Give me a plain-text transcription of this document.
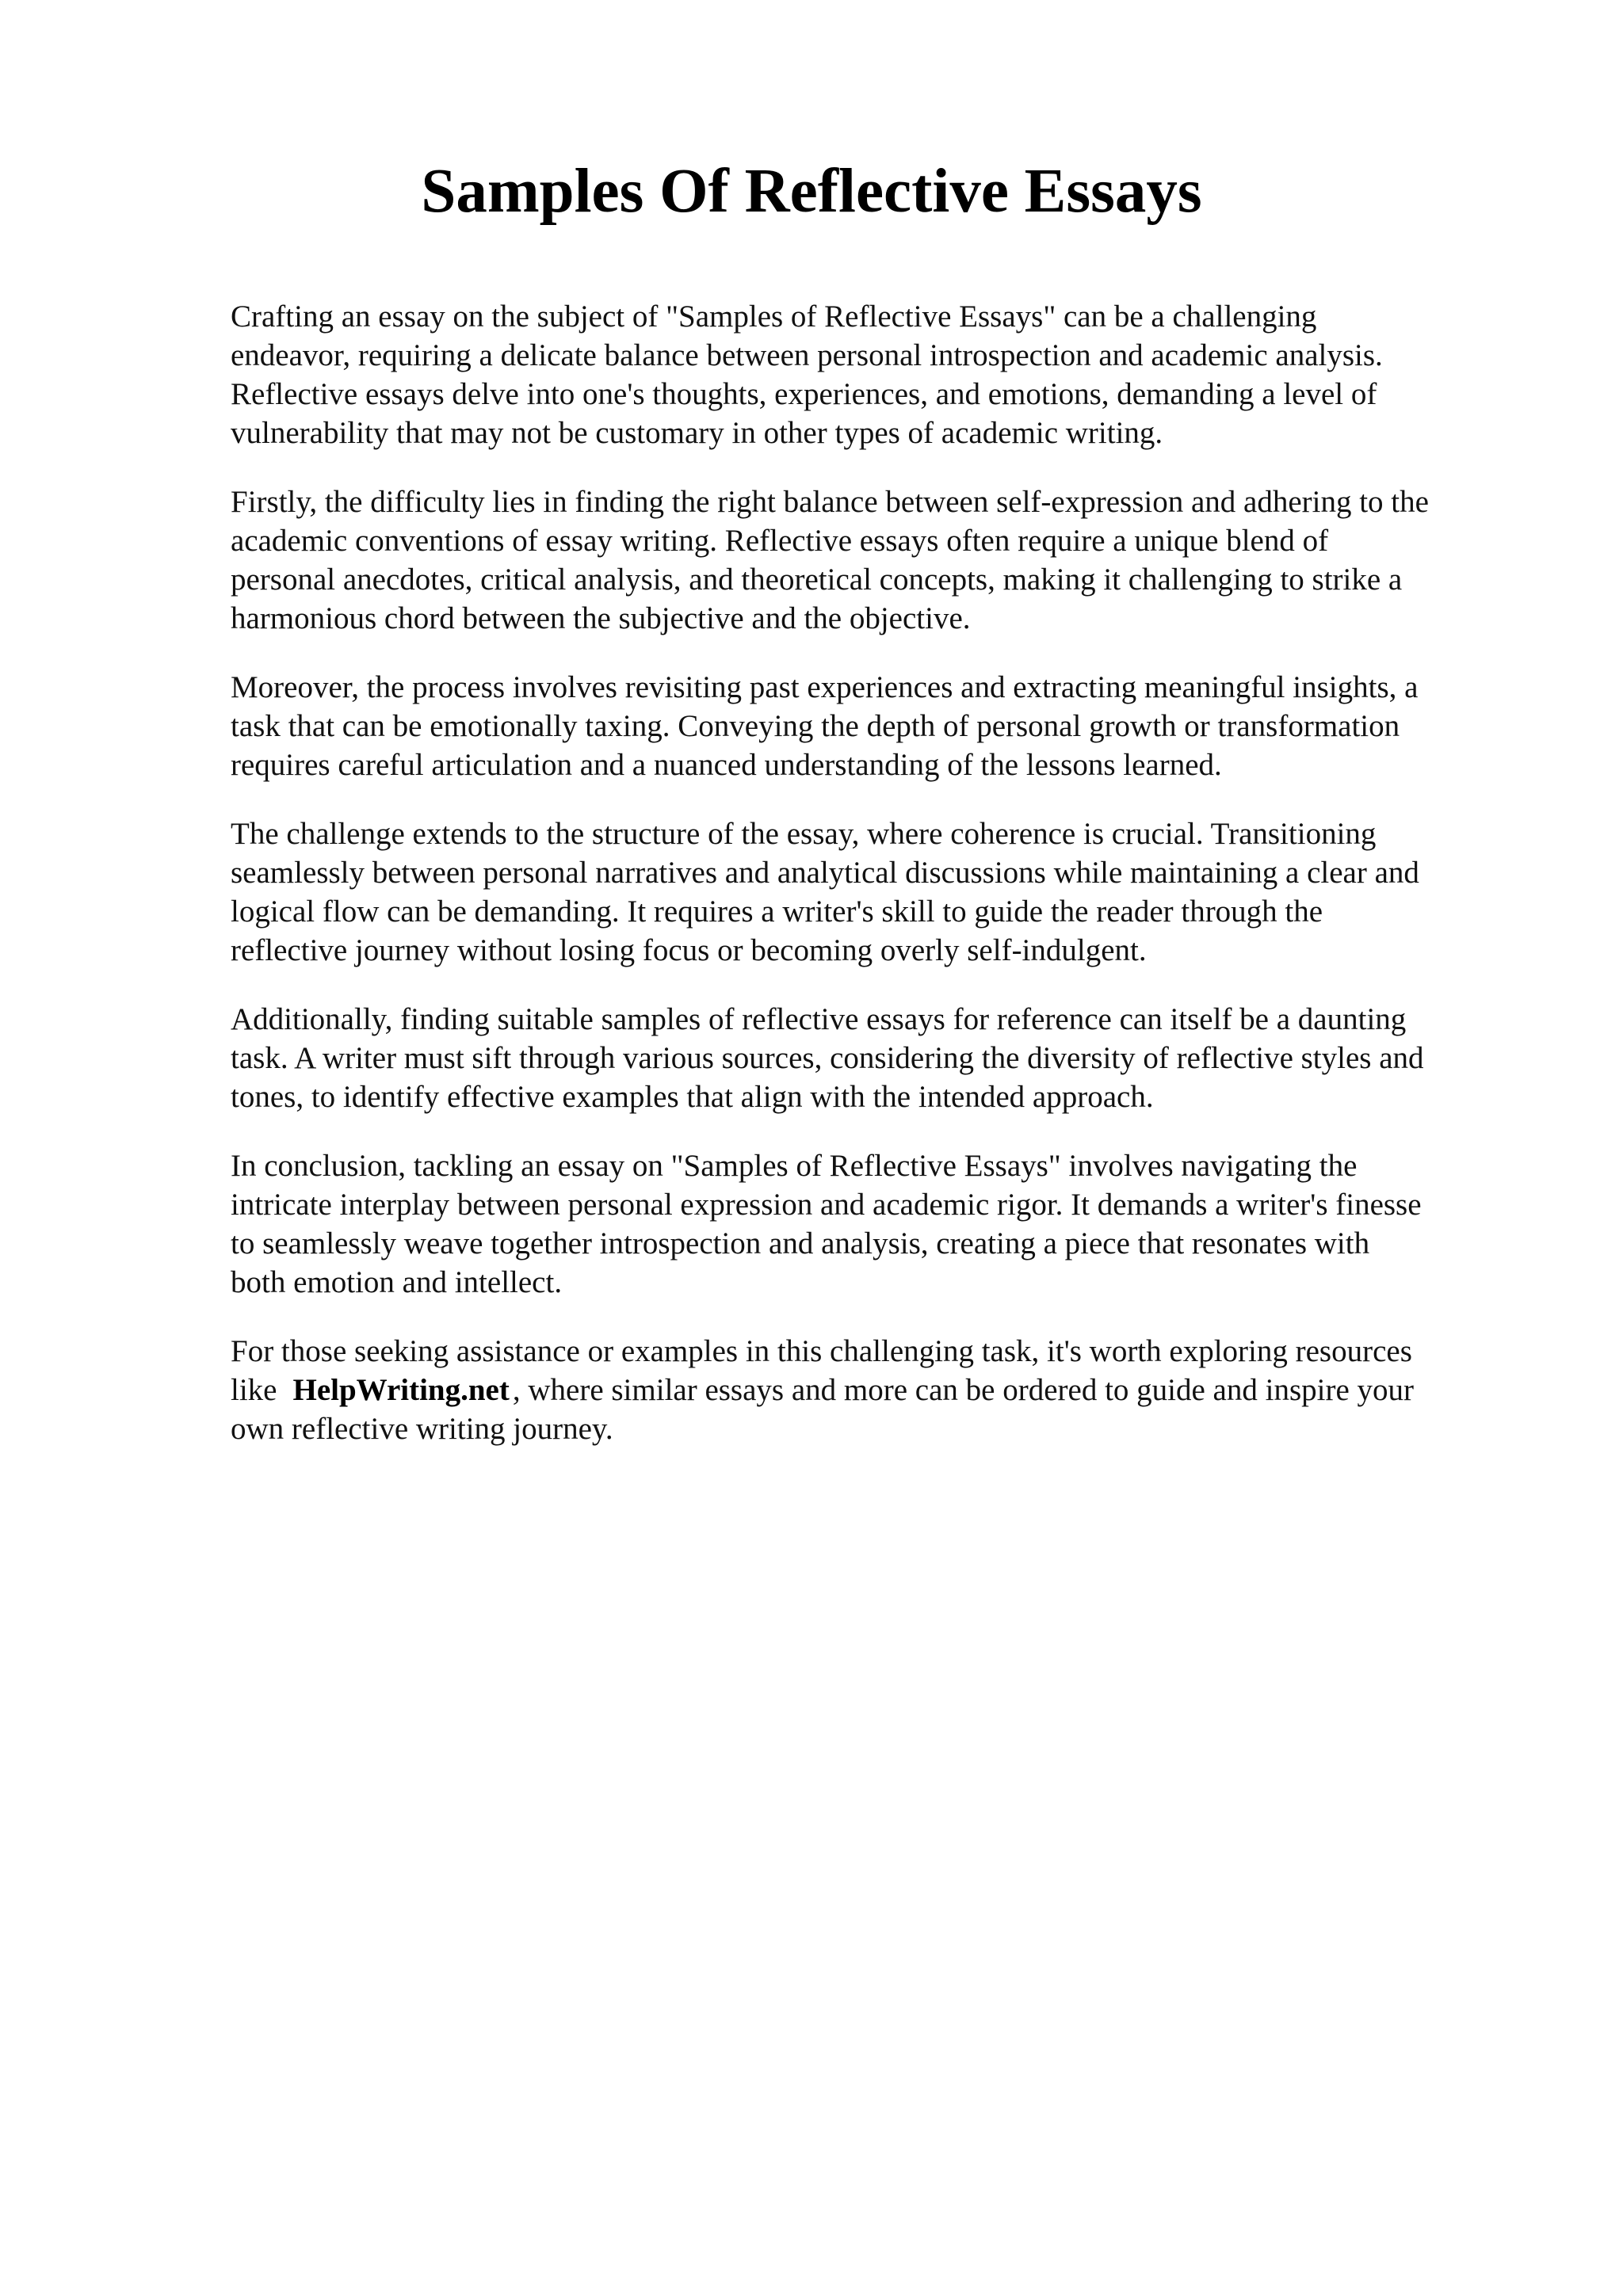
Samples Of Reflective Essays

Crafting an essay on the subject of "Samples of Reflective Essays" can be a challenging
endeavor, requiring a delicate balance between personal introspection and academic analysis.
Reflective essays delve into one's thoughts, experiences, and emotions, demanding a level of
vulnerability that may not be customary in other types of academic writing.

Firstly, the difficulty lies in finding the right balance between self-expression and adhering to the
academic conventions of essay writing. Reflective essays often require a unique blend of
personal anecdotes, critical analysis, and theoretical concepts, making it challenging to strike a
harmonious chord between the subjective and the objective.

Moreover, the process involves revisiting past experiences and extracting meaningful insights, a
task that can be emotionally taxing. Conveying the depth of personal growth or transformation
requires careful articulation and a nuanced understanding of the lessons learned.

The challenge extends to the structure of the essay, where coherence is crucial. Transitioning
seamlessly between personal narratives and analytical discussions while maintaining a clear and
logical flow can be demanding. It requires a writer's skill to guide the reader through the
reflective journey without losing focus or becoming overly self-indulgent.

Additionally, finding suitable samples of reflective essays for reference can itself be a daunting
task. A writer must sift through various sources, considering the diversity of reflective styles and
tones, to identify effective examples that align with the intended approach.

In conclusion, tackling an essay on "Samples of Reflective Essays" involves navigating the
intricate interplay between personal expression and academic rigor. It demands a writer's finesse
to seamlessly weave together introspection and analysis, creating a piece that resonates with
both emotion and intellect.

For those seeking assistance or examples in this challenging task, it's worth exploring resources
like HelpWriting.net , where similar essays and more can be ordered to guide and inspire your
own reflective writing journey.
